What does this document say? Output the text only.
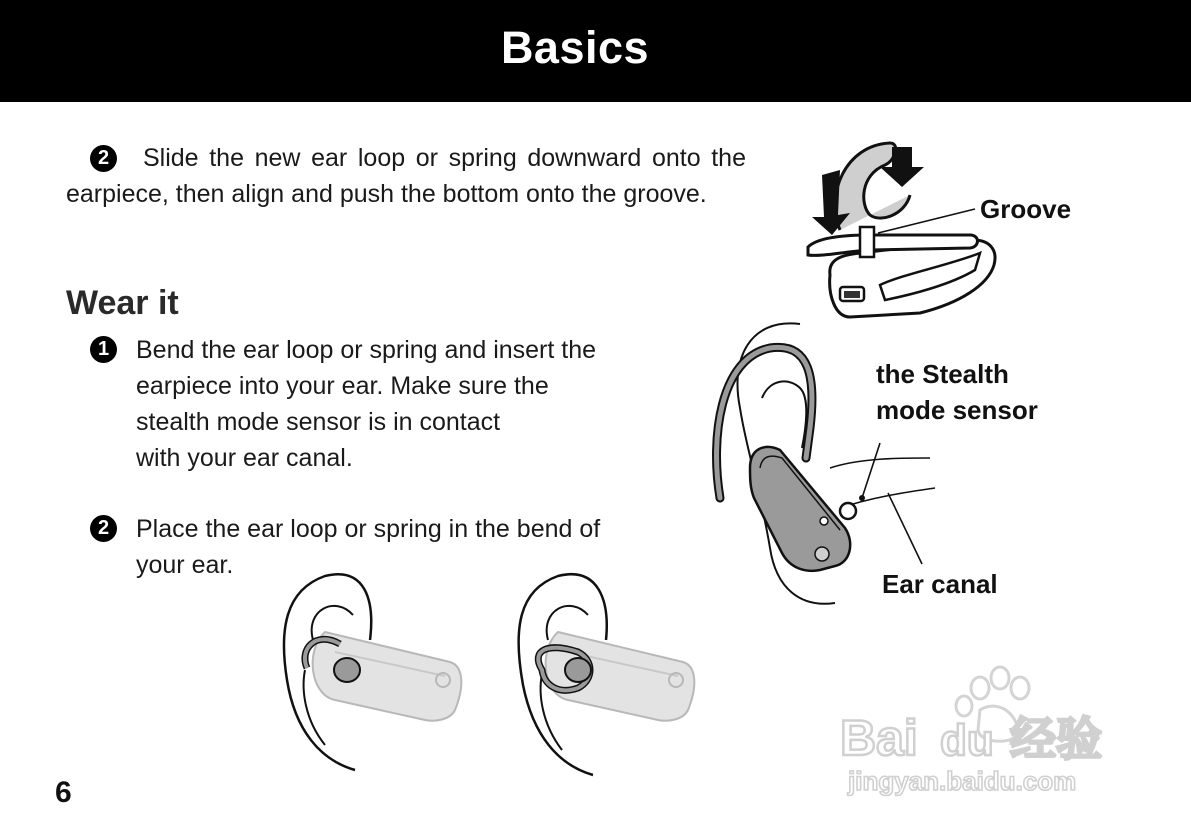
Basics
2 Slide the new ear loop or spring downward onto the earpiece, then align and push the bottom onto the groove.
Wear it
1	Bend the ear loop or spring and insert the
earpiece into your ear. Make sure the
stealth mode sensor is in contact
with your ear canal.
2	Place the ear loop or spring in the bend of
your ear.
Groove
the Stealth
mode sensor
Ear canal
6
Bai du 经验
jingyan.baidu.com
